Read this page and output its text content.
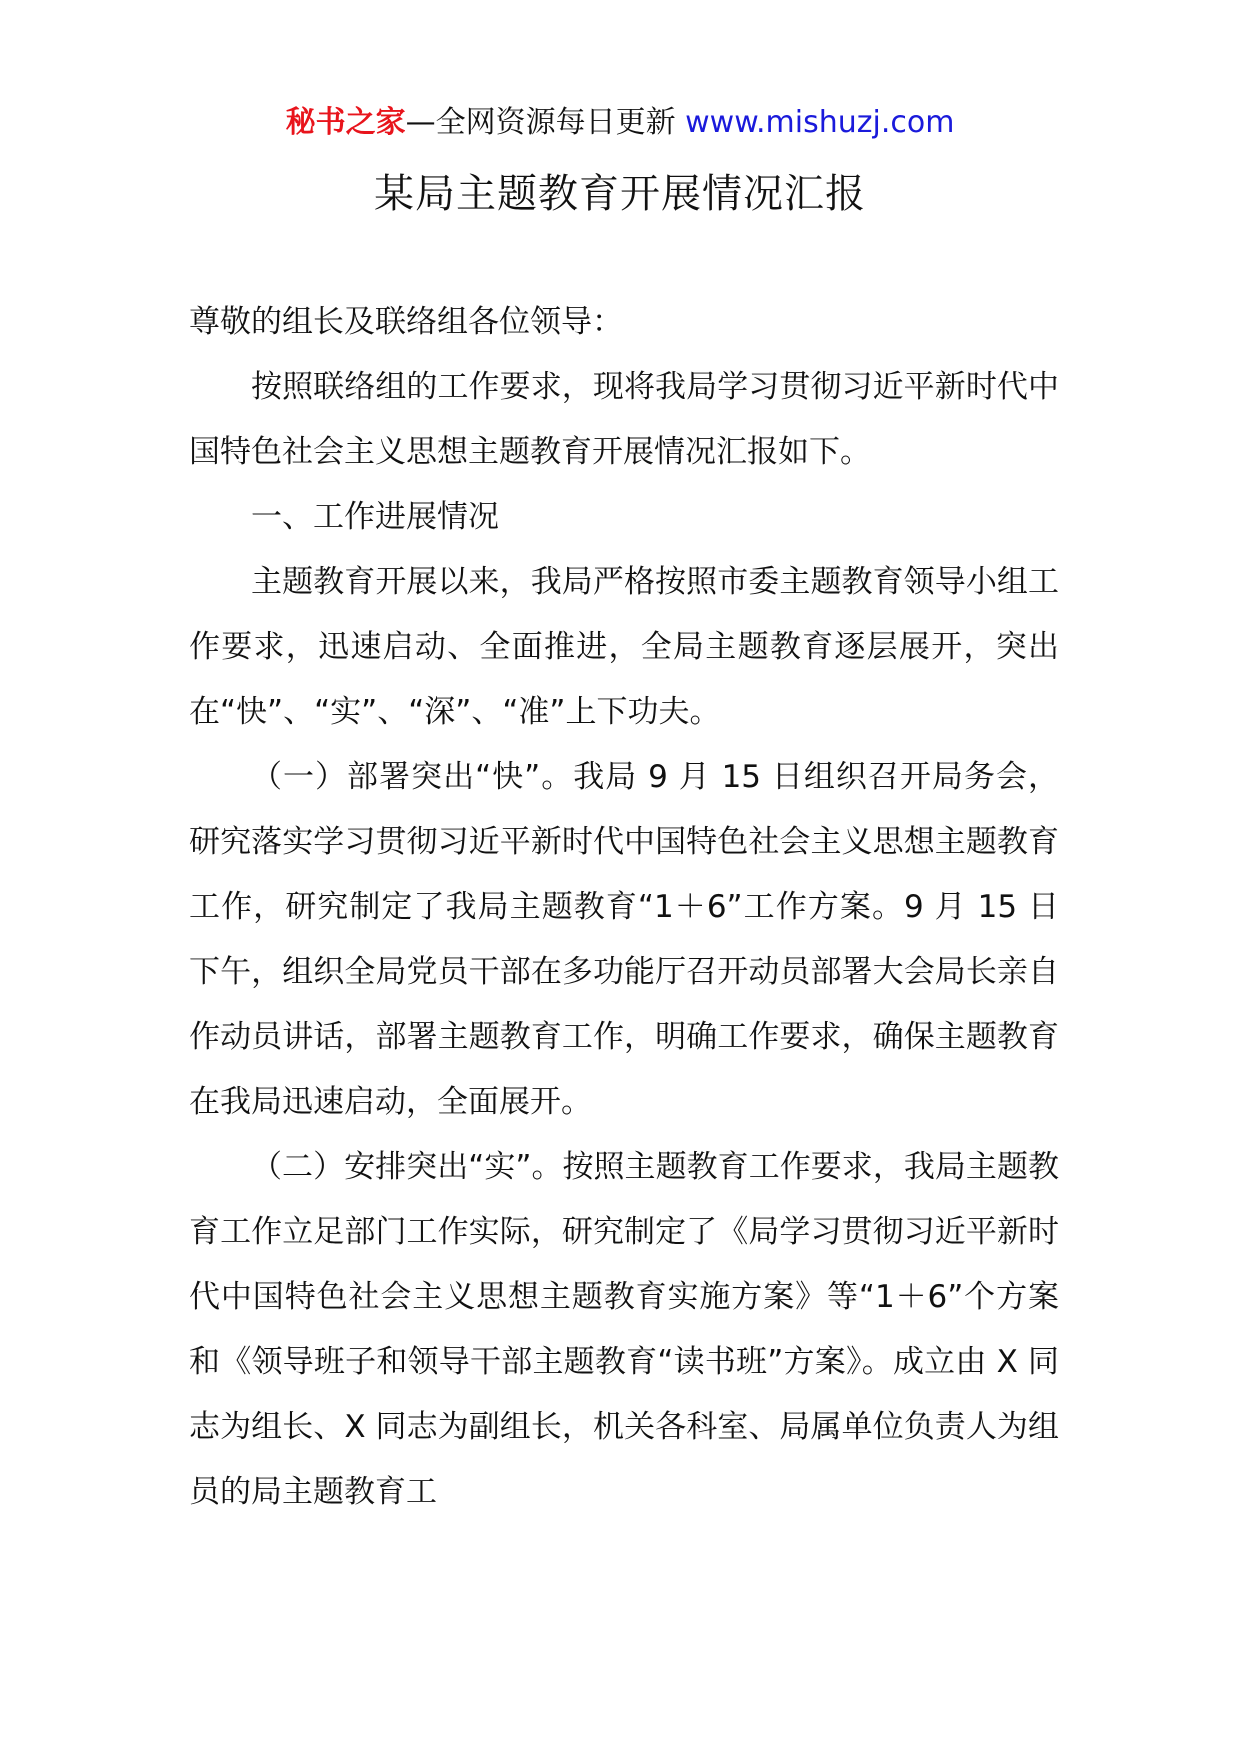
秘书之家—全网资源每日更新 www.mishuzj.com
某局主题教育开展情况汇报

尊敬的组长及联络组各位领导：

按照联络组的工作要求，现将我局学习贯彻习近平新时代中国特色社会主义思想主题教育开展情况汇报如下。

一、工作进展情况

主题教育开展以来，我局严格按照市委主题教育领导小组工作要求，迅速启动、全面推进，全局主题教育逐层展开，突出在“快”、“实”、“深”、“准”上下功夫。

（一）部署突出“快”。我局 9 月 15 日组织召开局务会，研究落实学习贯彻习近平新时代中国特色社会主义思想主题教育工作，研究制定了我局主题教育“1＋6”工作方案。9 月 15 日下午，组织全局党员干部在多功能厅召开动员部署大会局长亲自作动员讲话，部署主题教育工作，明确工作要求，确保主题教育在我局迅速启动，全面展开。

（二）安排突出“实”。按照主题教育工作要求，我局主题教育工作立足部门工作实际，研究制定了《局学习贯彻习近平新时代中国特色社会主义思想主题教育实施方案》等“1＋6”个方案和《领导班子和领导干部主题教育“读书班”方案》。成立由 X 同志为组长、X 同志为副组长，机关各科室、局属单位负责人为组员的局主题教育工
